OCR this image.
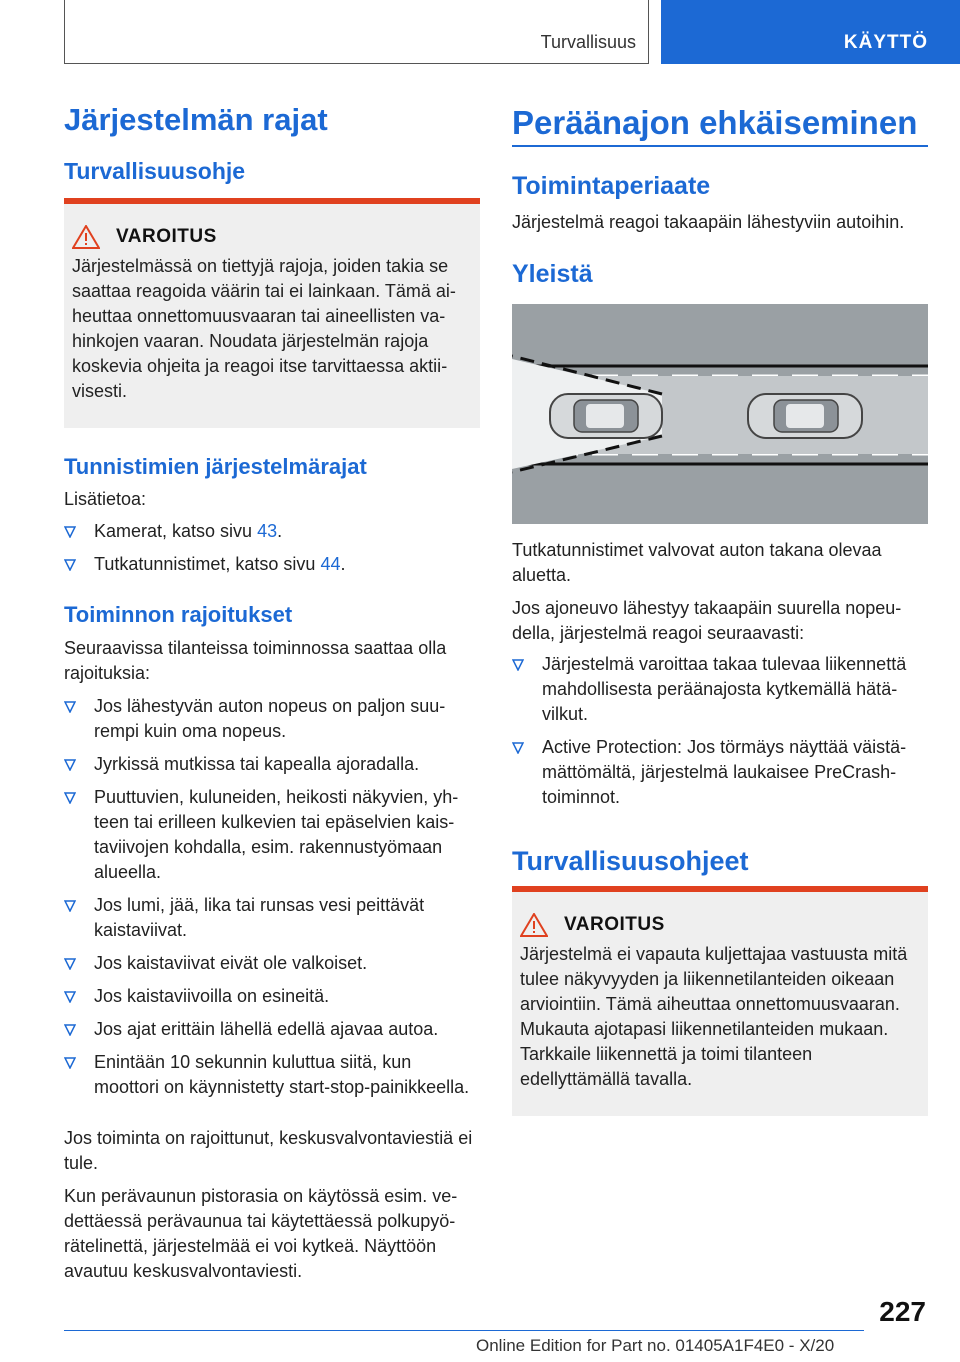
Turvallisuus	KÄYTTÖ
Järjestelmän rajat
Turvallisuusohje
VAROITUS
Järjestelmässä on tiettyjä rajoja, joiden takia se saattaa reagoida väärin tai ei lainkaan. Tämä aiheuttaa onnettomuusvaaran tai aineellisten vahinkojen vaaran. Noudata järjestelmän rajoja koskevia ohjeita ja reagoi itse tarvittaessa aktiivisesti.
Tunnistimien järjestelmärajat
Lisätietoa:
Kamerat, katso sivu 43.
Tutkatunnistimet, katso sivu 44.
Toiminnon rajoitukset
Seuraavissa tilanteissa toiminnossa saattaa olla rajoituksia:
Jos lähestyvän auton nopeus on paljon suurempi kuin oma nopeus.
Jyrkissä mutkissa tai kapealla ajoradalla.
Puuttuvien, kuluneiden, heikosti näkyvien, yhteen tai erilleen kulkevien tai epäselvien kaistaviivojen kohdalla, esim. rakennustyömaan alueella.
Jos lumi, jää, lika tai runsas vesi peittävät kaistaviivat.
Jos kaistaviivat eivät ole valkoiset.
Jos kaistaviivoilla on esineitä.
Jos ajat erittäin lähellä edellä ajavaa autoa.
Enintään 10 sekunnin kuluttua siitä, kun moottori on käynnistetty start-stop-painikkeella.
Jos toiminta on rajoittunut, keskusvalvontaviestiä ei tule.
Kun perävaunun pistorasia on käytössä esim. vedettäessä perävaunua tai käytettäessä polkupyörätelinettä, järjestelmää ei voi kytkeä. Näyttöön avautuu keskusvalvontaviesti.
Peräänajon ehkäiseminen
Toimintaperiaate
Järjestelmä reagoi takaapäin lähestyviin autoihin.
Yleistä
Tutkatunnistimet valvovat auton takana olevaa aluetta.
Jos ajoneuvo lähestyy takaapäin suurella nopeudella, järjestelmä reagoi seuraavasti:
Järjestelmä varoittaa takaa tulevaa liikennettä mahdollisesta peräänajosta kytkemällä hätävilkut.
Active Protection: Jos törmäys näyttää väistämättömältä, järjestelmä laukaisee PreCrash-toiminnot.
Turvallisuusohjeet
VAROITUS
Järjestelmä ei vapauta kuljettajaa vastuusta mitä tulee näkyvyyden ja liikennetilanteiden oikeaan arviointiin. Tämä aiheuttaa onnettomuusvaaran. Mukauta ajotapasi liikennetilanteiden mukaan. Tarkkaile liikennettä ja toimi tilanteen edellyttämällä tavalla.
227
Online Edition for Part no. 01405A1F4E0 - X/20
